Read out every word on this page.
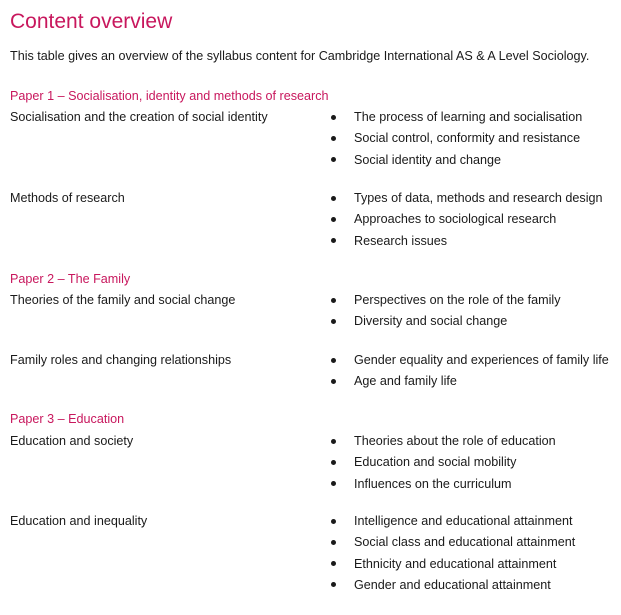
Content overview
This table gives an overview of the syllabus content for Cambridge International AS & A Level Sociology.
Paper 1 – Socialisation, identity and methods of research
Socialisation and the creation of social identity	The process of learning and socialisation
Social control, conformity and resistance
Social identity and change
Methods of research	Types of data, methods and research design
Approaches to sociological research
Research issues
Paper 2 – The Family
Theories of the family and social change	Perspectives on the role of the family
Diversity and social change
Family roles and changing relationships	Gender equality and experiences of family life
Age and family life
Paper 3 – Education
Education and society	Theories about the role of education
Education and social mobility
Influences on the curriculum
Education and inequality	Intelligence and educational attainment
Social class and educational attainment
Ethnicity and educational attainment
Gender and educational attainment
